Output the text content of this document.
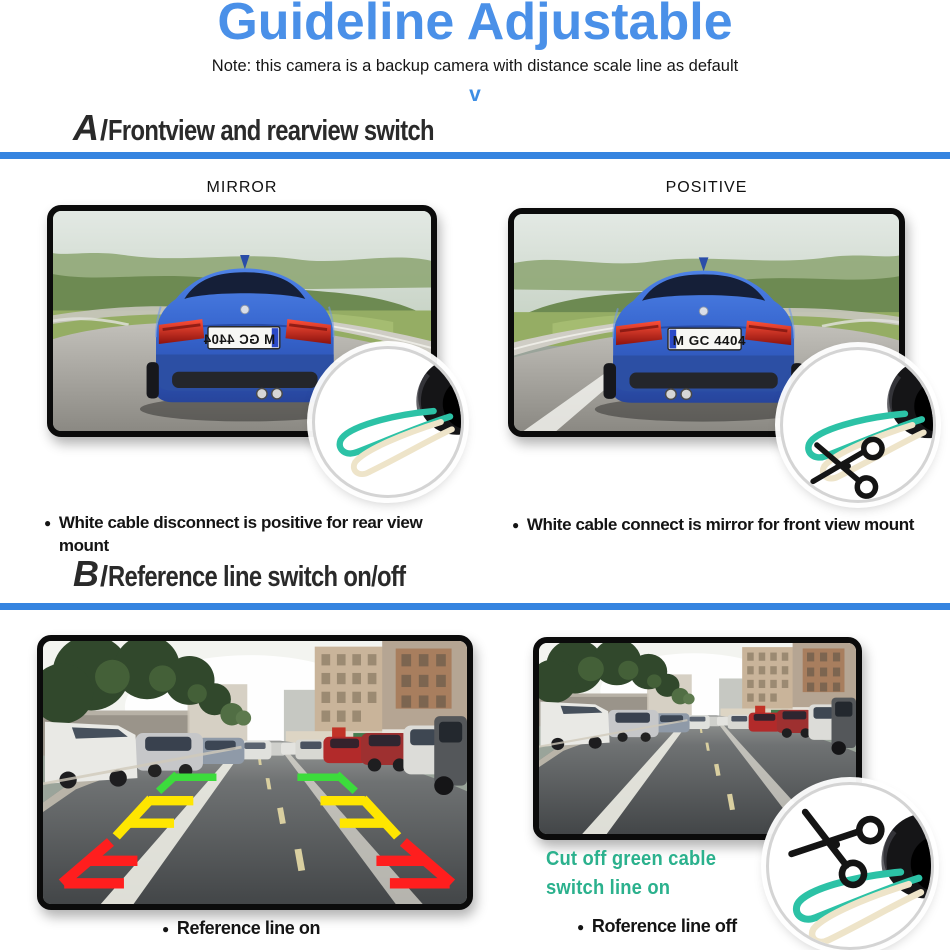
Guideline Adjustable
Note: this camera is a backup camera with distance scale line as default
v
A / Frontview and rearview switch
MIRROR	POSITIVE
● White cable disconnect is positive for rear view
mount
● White cable connect is mirror for front view mount
B / Reference line switch on/off
Cut off green cable
switch line on
● Reference line on	● Roference line off
